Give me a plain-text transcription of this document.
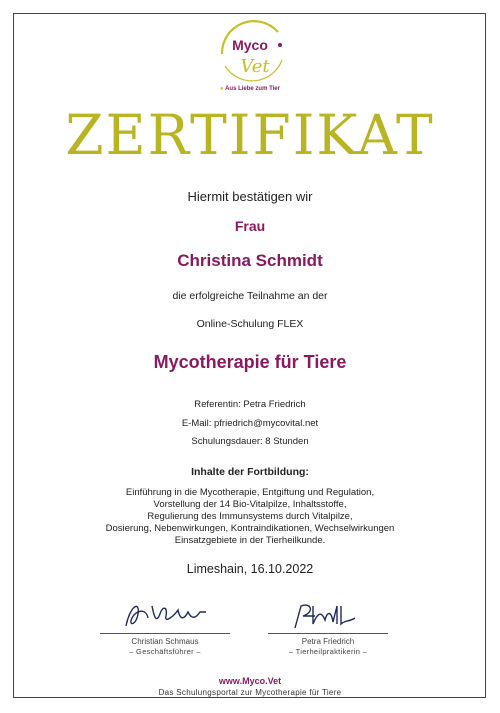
Myco
Vet
● Aus Liebe zum Tier
ZERTIFIKAT
Hiermit bestätigen wir
Frau
Christina Schmidt
die erfolgreiche Teilnahme an der
Online-Schulung FLEX
Mycotherapie für Tiere
Referentin: Petra Friedrich
E-Mail: pfriedrich@mycovital.net
Schulungsdauer: 8 Stunden
Inhalte der Fortbildung:
Einführung in die Mycotherapie, Entgiftung und Regulation,
Vorstellung der 14 Bio-Vitalpilze, Inhaltsstoffe,
Regulierung des Immunsystems durch Vitalpilze,
Dosierung, Nebenwirkungen, Kontraindikationen, Wechselwirkungen
Einsatzgebiete in der Tierheilkunde.
Limeshain, 16.10.2022
Christian Schmaus
– Geschäftsführer –
Petra Friedrich
– Tierheilpraktikerin –
www.Myco.Vet
Das Schulungsportal zur Mycotherapie für Tiere
